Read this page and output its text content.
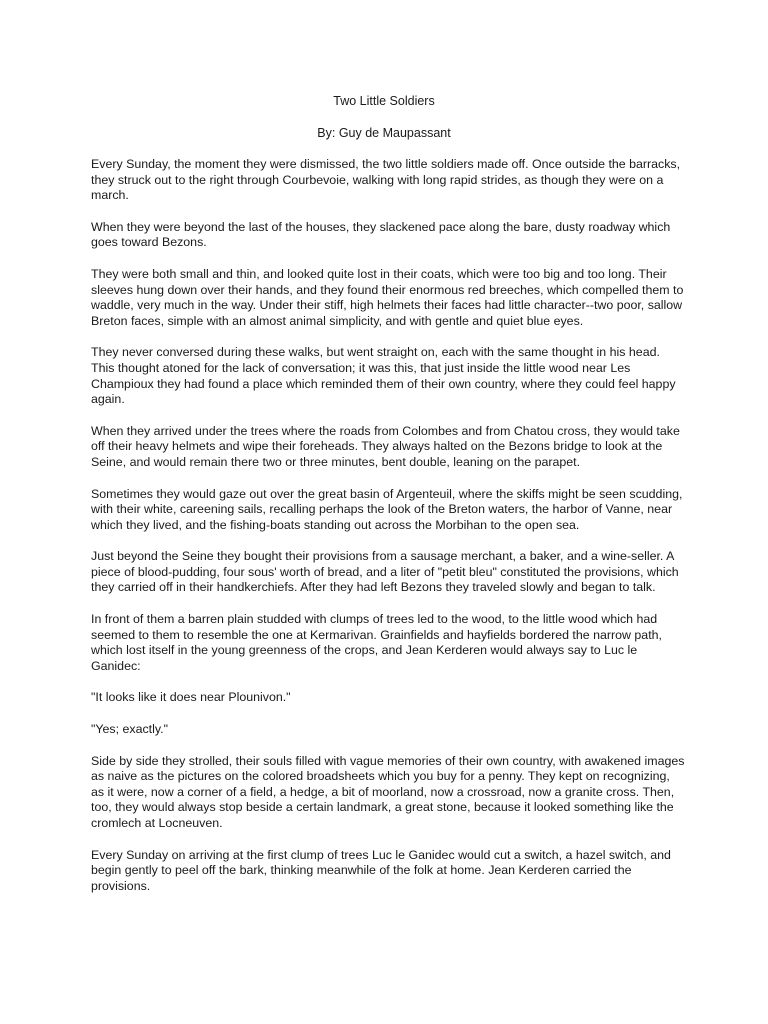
Two Little Soldiers
By: Guy de Maupassant

Every Sunday, the moment they were dismissed, the two little soldiers made off. Once outside the barracks, they struck out to the right through Courbevoie, walking with long rapid strides, as though they were on a march.

When they were beyond the last of the houses, they slackened pace along the bare, dusty roadway which goes toward Bezons.

They were both small and thin, and looked quite lost in their coats, which were too big and too long. Their sleeves hung down over their hands, and they found their enormous red breeches, which compelled them to waddle, very much in the way. Under their stiff, high helmets their faces had little character--two poor, sallow Breton faces, simple with an almost animal simplicity, and with gentle and quiet blue eyes.

They never conversed during these walks, but went straight on, each with the same thought in his head. This thought atoned for the lack of conversation; it was this, that just inside the little wood near Les Champioux they had found a place which reminded them of their own country, where they could feel happy again.

When they arrived under the trees where the roads from Colombes and from Chatou cross, they would take off their heavy helmets and wipe their foreheads. They always halted on the Bezons bridge to look at the Seine, and would remain there two or three minutes, bent double, leaning on the parapet.

Sometimes they would gaze out over the great basin of Argenteuil, where the skiffs might be seen scudding, with their white, careening sails, recalling perhaps the look of the Breton waters, the harbor of Vanne, near which they lived, and the fishing-boats standing out across the Morbihan to the open sea.

Just beyond the Seine they bought their provisions from a sausage merchant, a baker, and a wine-seller. A piece of blood-pudding, four sous' worth of bread, and a liter of "petit bleu" constituted the provisions, which they carried off in their handkerchiefs. After they had left Bezons they traveled slowly and began to talk.

In front of them a barren plain studded with clumps of trees led to the wood, to the little wood which had seemed to them to resemble the one at Kermarivan. Grainfields and hayfields bordered the narrow path, which lost itself in the young greenness of the crops, and Jean Kerderen would always say to Luc le Ganidec:

"It looks like it does near Plounivon."

"Yes; exactly."

Side by side they strolled, their souls filled with vague memories of their own country, with awakened images as naive as the pictures on the colored broadsheets which you buy for a penny. They kept on recognizing, as it were, now a corner of a field, a hedge, a bit of moorland, now a crossroad, now a granite cross. Then, too, they would always stop beside a certain landmark, a great stone, because it looked something like the cromlech at Locneuven.

Every Sunday on arriving at the first clump of trees Luc le Ganidec would cut a switch, a hazel switch, and begin gently to peel off the bark, thinking meanwhile of the folk at home. Jean Kerderen carried the provisions.
